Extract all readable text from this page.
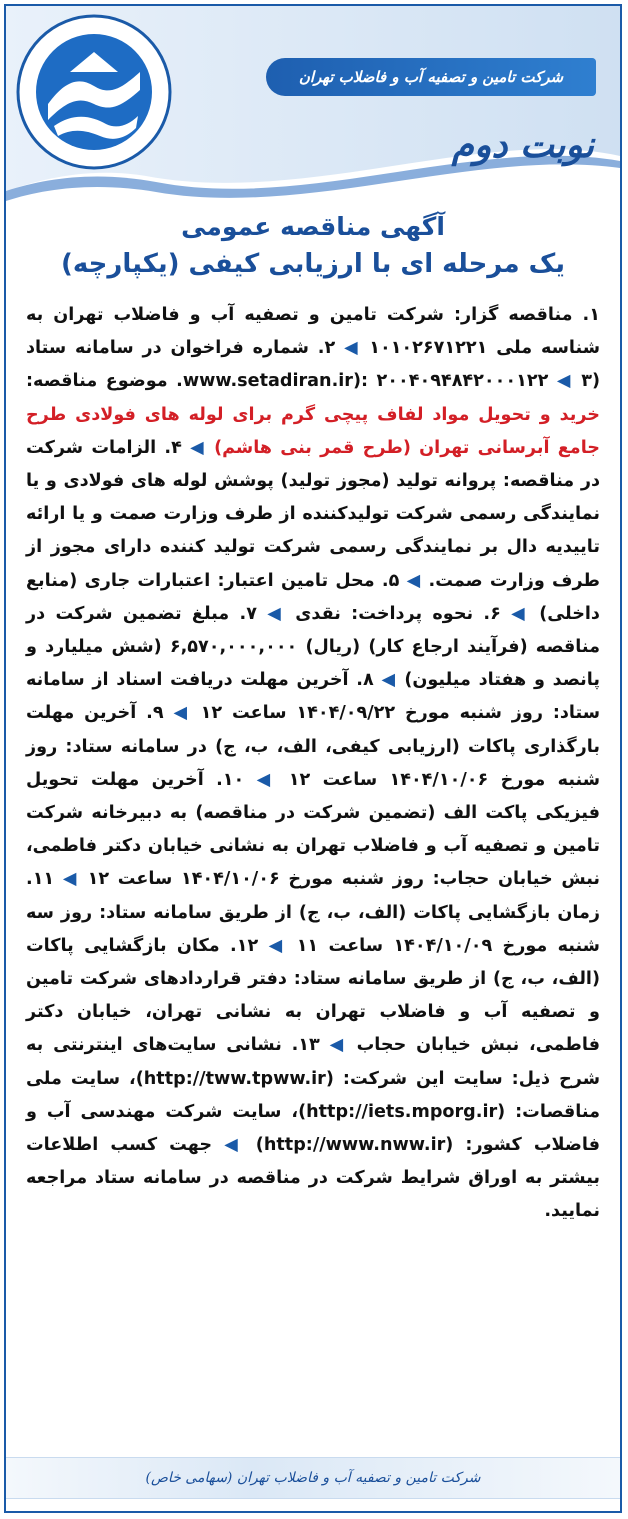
شرکت تامین و تصفیه آب و فاضلاب تهران
نوبت دوم
آگهی مناقصه عمومی
یک مرحله ای با ارزیابی کیفی (یکپارچه)
۱. مناقصه گزار: شرکت تامین و تصفیه آب و فاضلاب تهران به شناسه ملی ۱۰۱۰۲۶۷۱۲۲۱ ◀ ۲. شماره فراخوان در سامانه ستاد (www.setadiran.ir): ۲۰۰۴۰۹۴۸۴۲۰۰۰۱۲۲ ◀ ۳. موضوع مناقصه: خرید و تحویل مواد لفاف پیچی گرم برای لوله های فولادی طرح جامع آبرسانی تهران (طرح قمر بنی هاشم) ◀ ۴. الزامات شرکت در مناقصه: پروانه تولید (مجوز تولید) پوشش لوله های فولادی و یا نمایندگی رسمی شرکت تولیدکننده از طرف وزارت صمت و یا ارائه تاییدیه دال بر نمایندگی رسمی شرکت تولید کننده دارای مجوز از طرف وزارت صمت. ◀ ۵. محل تامین اعتبار: اعتبارات جاری (منابع داخلی) ◀ ۶. نحوه پرداخت: نقدی ◀ ۷. مبلغ تضمین شرکت در مناقصه (فرآیند ارجاع کار) (ریال) ۶,۵۷۰,۰۰۰,۰۰۰ (شش میلیارد و پانصد و هفتاد میلیون) ◀ ۸. آخرین مهلت دریافت اسناد از سامانه ستاد: روز شنبه مورخ ۱۴۰۴/۰۹/۲۲ ساعت ۱۲ ◀ ۹. آخرین مهلت بارگذاری پاکات (ارزیابی کیفی، الف، ب، ج) در سامانه ستاد: روز شنبه مورخ ۱۴۰۴/۱۰/۰۶ ساعت ۱۲ ◀ ۱۰. آخرین مهلت تحویل فیزیکی پاکت الف (تضمین شرکت در مناقصه) به دبیرخانه شرکت تامین و تصفیه آب و فاضلاب تهران به نشانی خیابان دکتر فاطمی، نبش خیابان حجاب: روز شنبه مورخ ۱۴۰۴/۱۰/۰۶ ساعت ۱۲ ◀ ۱۱. زمان بازگشایی پاکات (الف، ب، ج) از طریق سامانه ستاد: روز سه شنبه مورخ ۱۴۰۴/۱۰/۰۹ ساعت ۱۱ ◀ ۱۲. مکان بازگشایی پاکات (الف، ب، ج) از طریق سامانه ستاد: دفتر قراردادهای شرکت تامین و تصفیه آب و فاضلاب تهران به نشانی تهران، خیابان دکتر فاطمی، نبش خیابان حجاب ◀ ۱۳. نشانی سایت‌های اینترنتی به شرح ذیل: سایت این شرکت: (http://tww.tpww.ir)، سایت ملی مناقصات: (http://iets.mporg.ir)، سایت شرکت مهندسی آب و فاضلاب کشور: (http://www.nww.ir) ◀ جهت کسب اطلاعات بیشتر به اوراق شرایط شرکت در مناقصه در سامانه ستاد مراجعه نمایید.
شرکت تامین و تصفیه آب و فاضلاب تهران (سهامی خاص)
